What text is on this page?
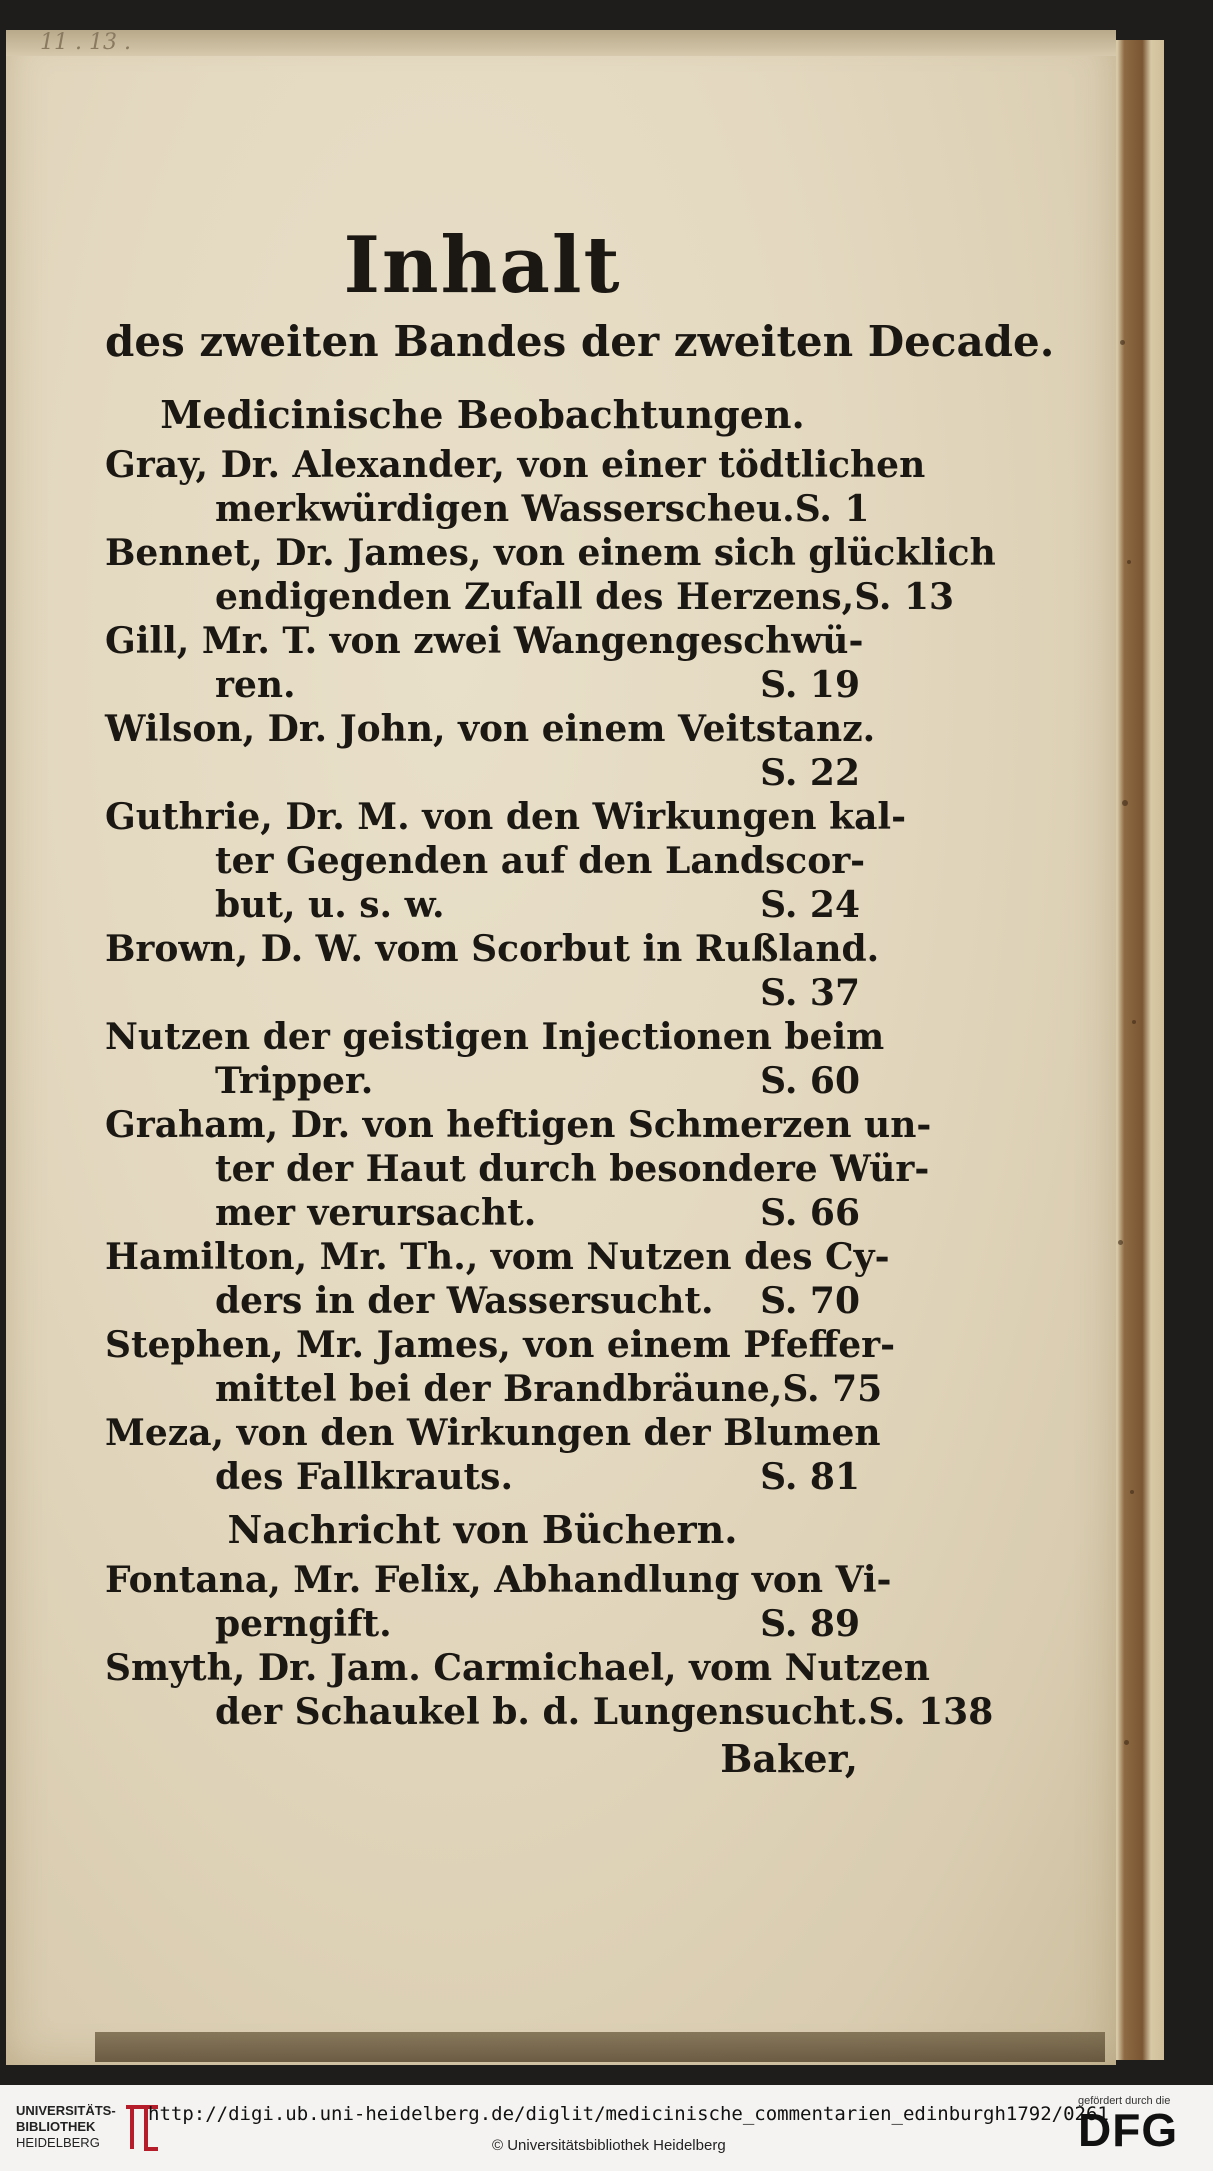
11 . 13 .
Inhalt
des zweiten Bandes der zweiten Decade.
Medicinische Beobachtungen.
Gray, Dr. Alexander, von einer tödtlichen
merkwürdigen Wasserscheu. S. 1
Bennet, Dr. James, von einem sich glücklich
endigenden Zufall des Herzens, S. 13
Gill, Mr. T. von zwei Wangengeschwü-
ren.	S. 19
Wilson, Dr. John, von einem Veitstanz.
S. 22
Guthrie, Dr. M. von den Wirkungen kal-
ter Gegenden auf den Landscor-
but, u. s. w.	S. 24
Brown, D. W. vom Scorbut in Rußland.
S. 37
Nutzen der geistigen Injectionen beim
Tripper.	S. 60
Graham, Dr. von heftigen Schmerzen un-
ter der Haut durch besondere Wür-
mer verursacht.	S. 66
Hamilton, Mr. Th., vom Nutzen des Cy-
ders in der Wassersucht. S. 70
Stephen, Mr. James, von einem Pfeffer-
mittel bei der Brandbräune, S. 75
Meza, von den Wirkungen der Blumen
des Fallkrauts.	S. 81
Nachricht von Büchern.
Fontana, Mr. Felix, Abhandlung von Vi-
perngift.	S. 89
Smyth, Dr. Jam. Carmichael, vom Nutzen
der Schaukel b. d. Lungensucht. S. 138
Baker,
UNIVERSITÄTS-
BIBLIOTHEK
HEIDELBERG
http://digi.ub.uni-heidelberg.de/diglit/medicinische_commentarien_edinburgh1792/0261
© Universitätsbibliothek Heidelberg
gefördert durch die
DFG
